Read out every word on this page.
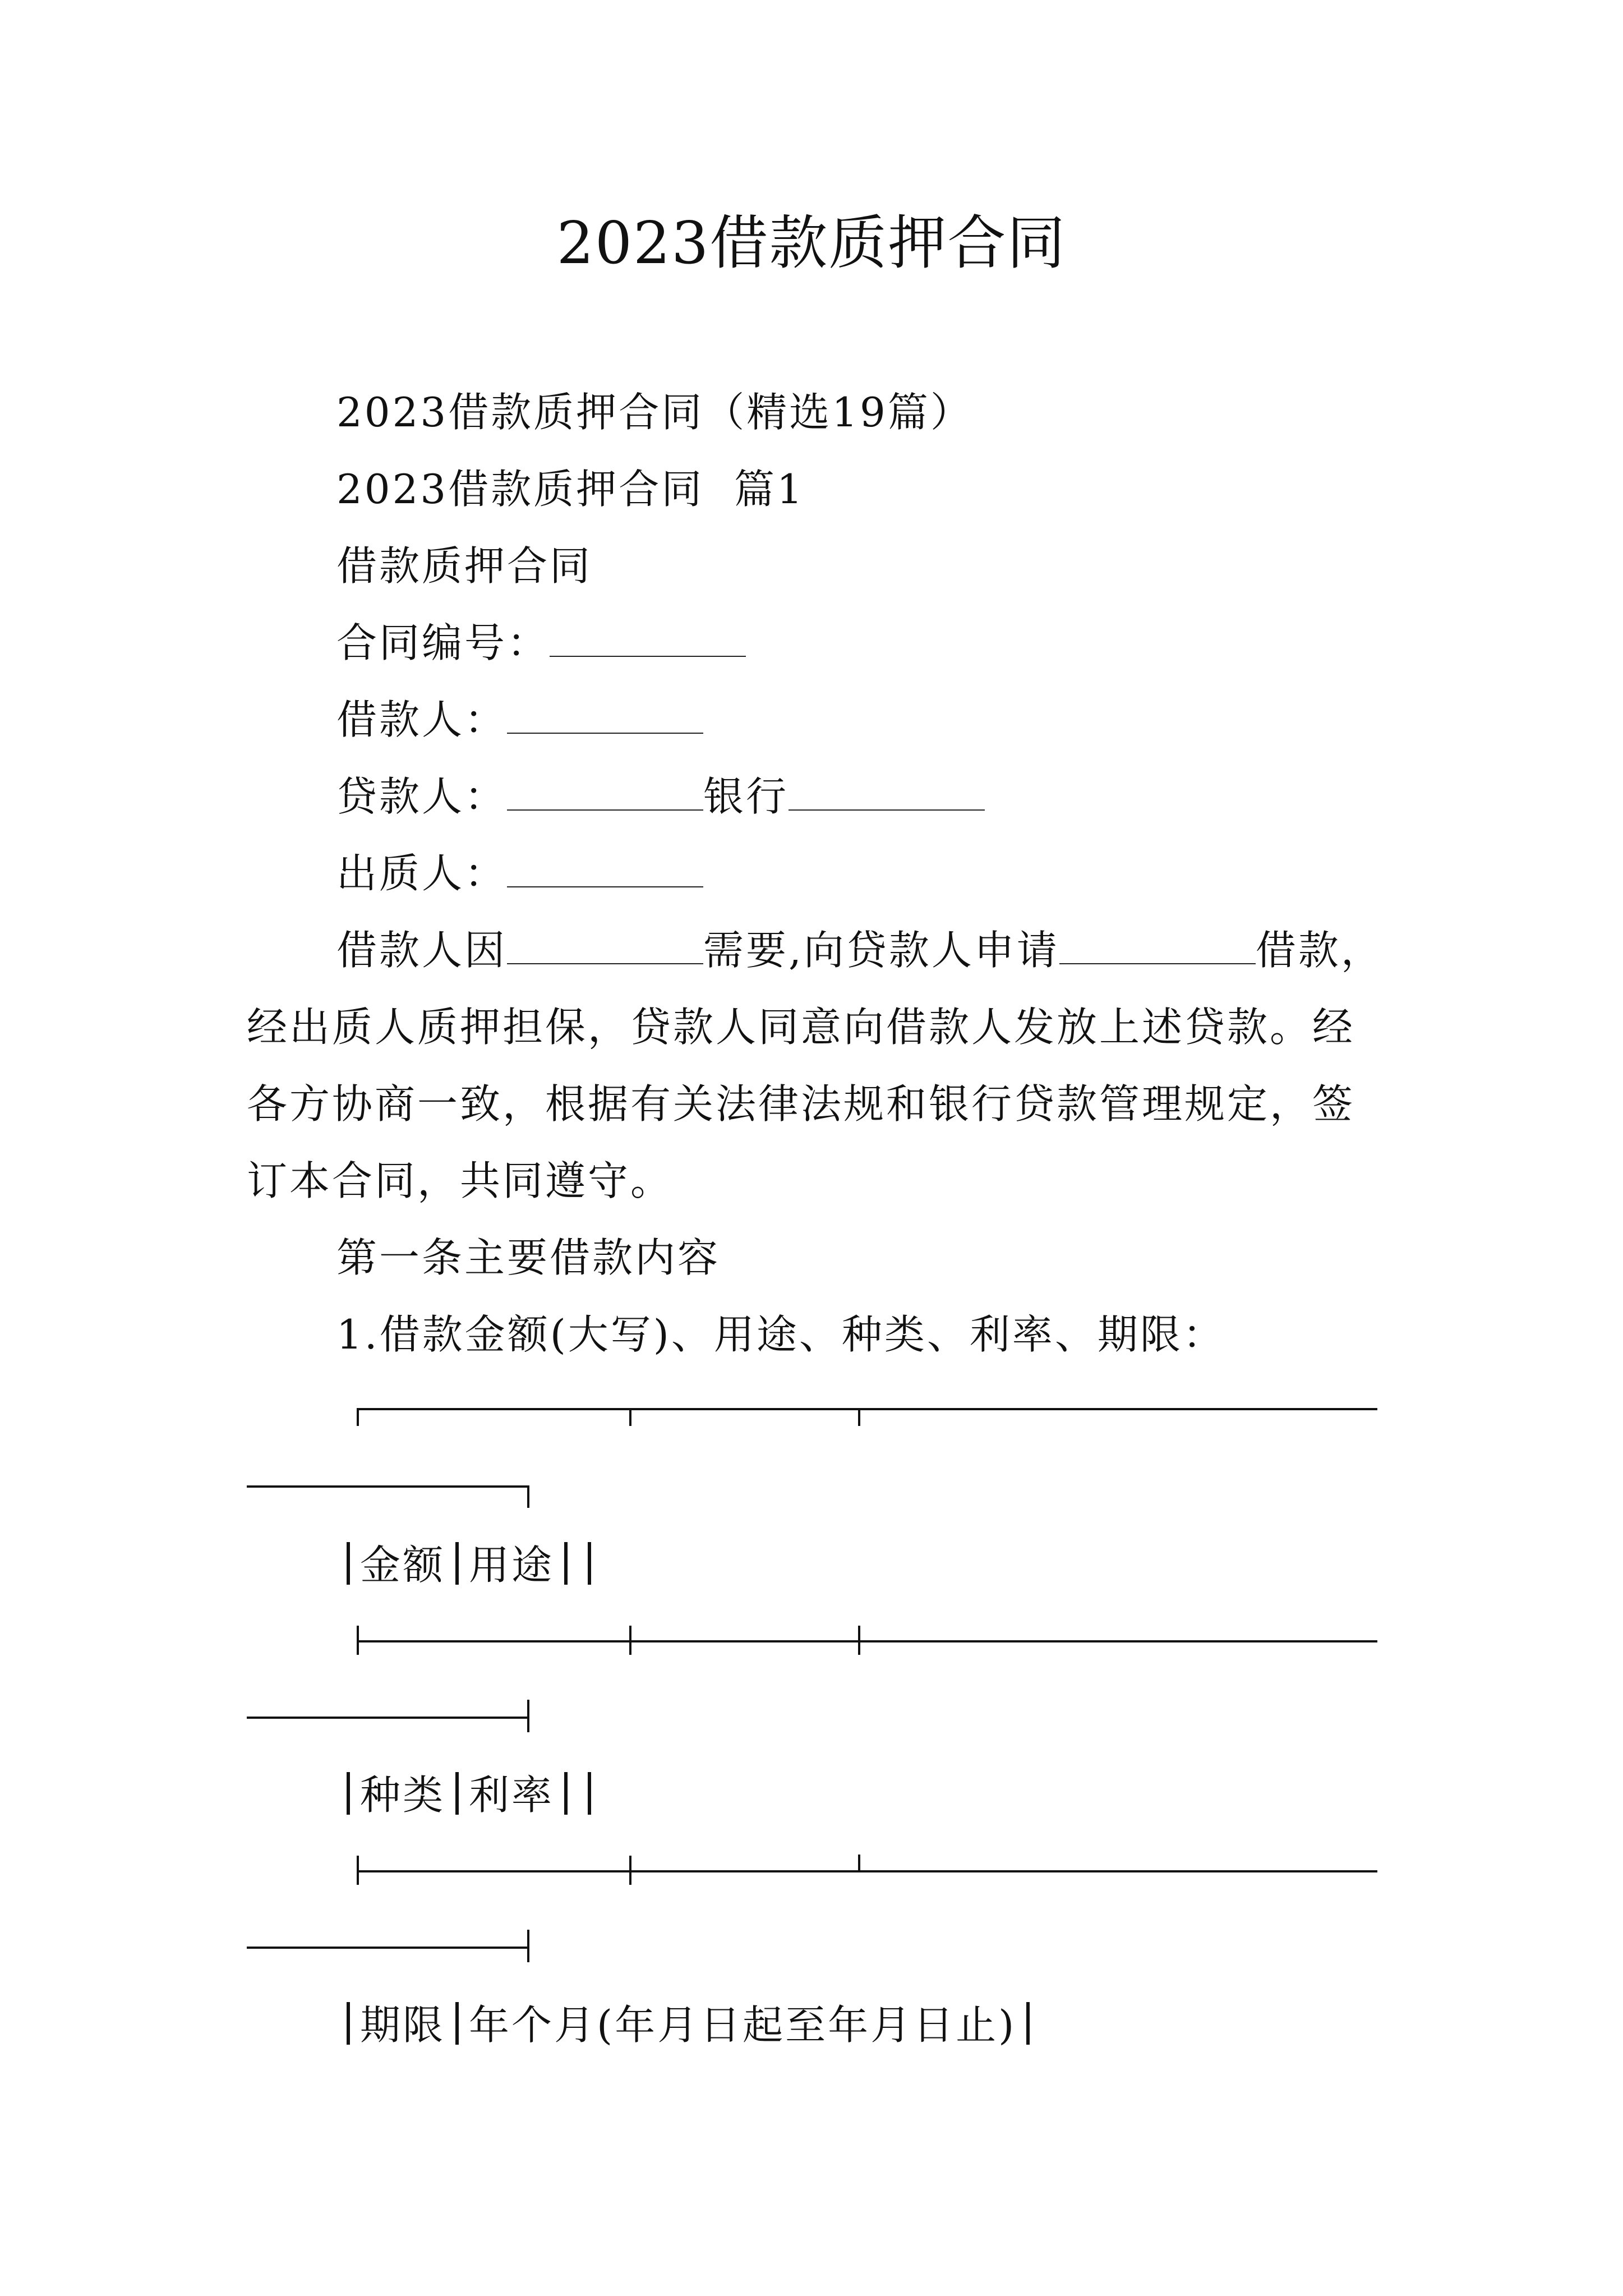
2023借款质押合同
2023借款质押合同（精选19篇）
2023借款质押合同  篇1
借款质押合同
合同编号：
借款人：
贷款人：	银行
出质人：
借款人因	需要,向贷款人申请	借款，
经出质人质押担保，贷款人同意向借款人发放上述贷款。经
各方协商一致，根据有关法律法规和银行贷款管理规定，签
订本合同，共同遵守。
第一条主要借款内容
1.借款金额(大写)、用途、种类、利率、期限：
金额 用途
种类 利率
期限 年个月(年月日起至年月日止)
